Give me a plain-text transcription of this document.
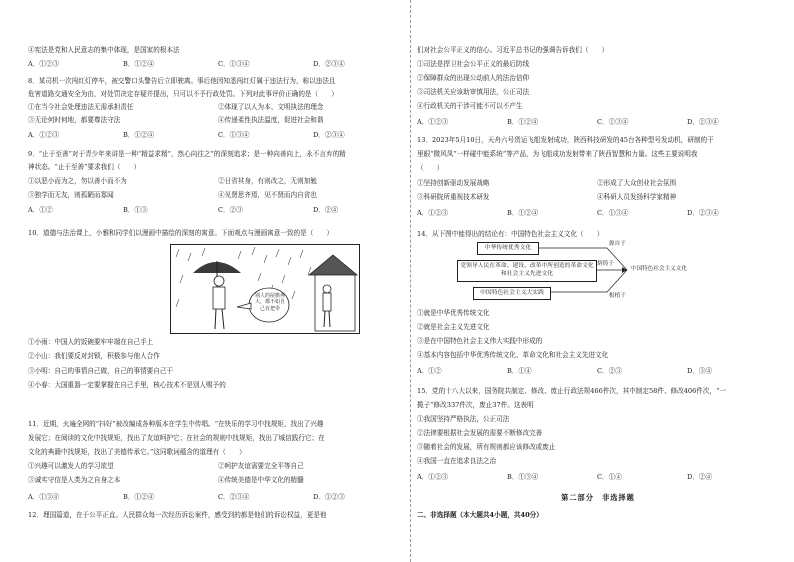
④宪法是党和人民意志的集中体现，是国家的根本法
A．①②③	B．①②④	C．①③④	D．②③④
8．某司机一次闯红灯停车，被交警口头警告后立即驶离。事后他因知悉闯红灯属于违法行为，称以违法且
危害道路交通安全为由，对处罚决定存疑并提出，只可以不予行政处罚。下列对此事评价正确的是（　　）
①在当今社会处理违法无需承担责任	②体现了以人为本、文明执法的理念
③无论何时何地，都要尊法守法	④传递柔性执法温度，促进社会和谐
A．①②③	B．①②④	C．①③④	D．②③④
9．“止于至善”对于青少年来讲是一种“精益求精”，然心向往之”的深刻追求；是一种向善向上，永不言弃的精
神状态。“止于至善”要求我们（　　）
①以恶小而为之，勿以善小而不为	②日省其身，有则改之，无则加勉
③独学而无友，则孤陋而寡闻	④见贤思齐焉，见不贤而内自省也
A．①②	B．①③	C．②③	D．②④
10．道德与法治课上，小雅和同学们以漫画中描绘的深刻的寓意。下面观点与漫画寓意一致的是（　　）
别人的屋檐再大，都不如自己有把伞
①小雨：中国人的饭碗要牢牢端在自己手上
②小山：我们要反对封锁，积极参与他人合作
③小明：自己的事情自己做，自己的事情要自己干
④小春：大国重器一定要掌握在自己手里，核心技术不是别人赐予的
11．近期，火遍全网的“抖好”被改编成各种版本在学生中传唱。“在快乐的学习中找规矩，找出了兴趣
发展它；在阅读的文化中找规矩，找出了友谊呵护它；在社会的规则中找规矩，找出了城信践行它；在
文化的典籍中找规矩，找出了美德传承它。”这同歌词蕴含的道理有（　　）
①兴趣可以激发人的学习欲望	②呵护友谊需要完全平等自己
③诚实守信是人类为之自身之本	④传统美德是中华文化的精髓
A．①③④	B．①②④	C．②③④	D．①②③
12．理国篇道，在于公平正直。人民群众每一次经历诉讼案件，感受到的都是他们的诉讼权益，更是他
们对社会公平正义的信心。习近平总书记的强调告诉我们（　　）
①司法是捍卫社会公平正义的最后防线
②保障群众的出现公动前人的法治信仰
③司法机关应该助审慎用法，公正司法
④行政机关的干涉可能不可以不产生
A．①②③	B．①②④	C．①③④	D．②③④
13．2023年5月10日，天舟六号货运飞船发射成功，陕西科技研发的45台各种型号发动机，研制的干
里眼“微风凤”一样碰中能系统”等产品，为飞船成功发射带来了陕西智慧和力量。这些主要说明我
（　　）
①坚持创新驱动发展战略	②形成了大众创业社会氛围
③科研院所重视技术研发	④科研人员发扬科学家精神
A．①②③	B．①②④	C．①③④	D．②③④
14．从下图中能得出的结论有：中国特色社会主义文化（　　）
中华传统优秀文化
党领导人民在革命、建设、改革中所创造的革命文化和社会主义先进文化
中国特色社会主义大实践
源自于
熔铸于
根植于
中国特色社会主义文化
①就是中华优秀传统文化
②就是社会主义先进文化
③是在中国特色社会主义伟大实践中形成的
④基本内容包括中华优秀传统文化、革命文化和社会主义先进文化
A．①②	B．①④	C．②③	D．③④
15．党的十八大以来，国务院共制定、修改、废止行政法规466件次，其中制定58件、修改406件次，“一
揽子”修改337件次，废止37件。这表明
①我国坚持严格执法，公正司法
②法律要根据社会发展的需要不断修改完善
③随着社会的发展，所有规则都应该修改或废止
④我国一直在追求良法之治
A．①②③	B．①③④	C．①④	D．②④
第二部分　非选择题
二、非选择题（本大题共4小题，共40分）
